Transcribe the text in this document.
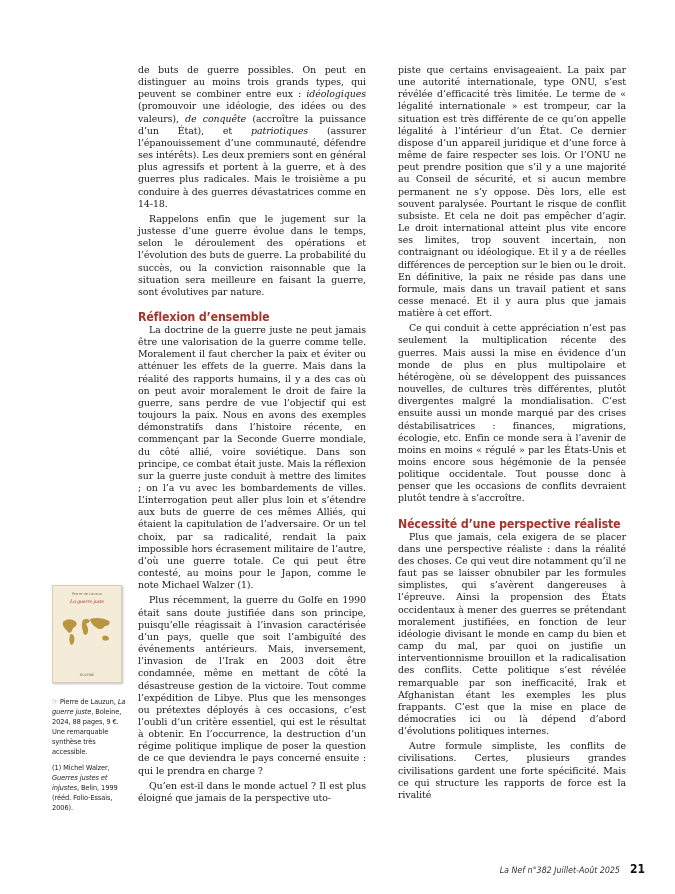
de buts de guerre possibles. On peut en distinguer au moins trois grands types, qui peuvent se combiner entre eux : idéologiques (promouvoir une idéologie, des idées ou des valeurs), de conquête (accroître la puissance d’un État), et patriotiques (assurer l’épanouissement d’une communauté, défendre ses intérêts). Les deux premiers sont en général plus agressifs et portent à la guerre, et à des guerres plus radicales. Mais le troisième a pu conduire à des guerres dévastatrices comme en 14-18.

Rappelons enfin que le jugement sur la justesse d’une guerre évolue dans le temps, selon le déroulement des opérations et l’évolution des buts de guerre. La probabilité du succès, ou la conviction raisonnable que la situation sera meilleure en faisant la guerre, sont évolutives par nature.

Réflexion d’ensemble

La doctrine de la guerre juste ne peut jamais être une valorisation de la guerre comme telle. Moralement il faut chercher la paix et éviter ou atténuer les effets de la guerre. Mais dans la réalité des rapports humains, il y a des cas où on peut avoir moralement le droit de faire la guerre, sans perdre de vue l’objectif qui est toujours la paix. Nous en avons des exemples démonstratifs dans l’histoire récente, en commençant par la Seconde Guerre mondiale, du côté allié, voire soviétique. Dans son principe, ce combat était juste. Mais la réflexion sur la guerre juste conduit à mettre des limites ; on l’a vu avec les bombardements de villes. L’interrogation peut aller plus loin et s’étendre aux buts de guerre de ces mêmes Alliés, qui étaient la capitulation de l’adversaire. Or un tel choix, par sa radicalité, rendait la paix impossible hors écrasement militaire de l’autre, d’où une guerre totale. Ce qui peut être contesté, au moins pour le Japon, comme le note Michael Walzer (1).

Plus récemment, la guerre du Golfe en 1990 était sans doute justifiée dans son principe, puisqu’elle réagissait à l’invasion caractérisée d’un pays, quelle que soit l’ambiguïté des événements antérieurs. Mais, inversement, l’invasion de l’Irak en 2003 doit être condamnée, même en mettant de côté la désastreuse gestion de la victoire. Tout comme l’expédition de Libye. Plus que les mensonges ou prétextes déployés à ces occasions, c’est l’oubli d’un critère essentiel, qui est le résultat à obtenir. En l’occurrence, la destruction d’un régime politique implique de poser la question de ce que deviendra le pays concerné ensuite : qui le prendra en charge ?

Qu’en est-il dans le monde actuel ? Il est plus éloigné que jamais de la perspective uto-

piste que certains envisageaient. La paix par une autorité internationale, type ONU, s’est révélée d’efficacité très limitée. Le terme de « légalité internationale » est trompeur, car la situation est très différente de ce qu’on appelle légalité à l’intérieur d’un État. Ce dernier dispose d’un appareil juridique et d’une force à même de faire respecter ses lois. Or l’ONU ne peut prendre position que s’il y a une majorité au Conseil de sécurité, et si aucun membre permanent ne s’y oppose. Dès lors, elle est souvent paralysée. Pourtant le risque de conflit subsiste. Et cela ne doit pas empêcher d’agir. Le droit international atteint plus vite encore ses limites, trop souvent incertain, non contraignant ou idéologique. Et il y a de réelles différences de perception sur le bien ou le droit. En définitive, la paix ne réside pas dans une formule, mais dans un travail patient et sans cesse menacé. Et il y aura plus que jamais matière à cet effort.

Ce qui conduit à cette appréciation n’est pas seulement la multiplication récente des guerres. Mais aussi la mise en évidence d’un monde de plus en plus multipolaire et hétérogène, où se développent des puissances nouvelles, de cultures très différentes, plutôt divergentes malgré la mondialisation. C’est ensuite aussi un monde marqué par des crises déstabilisatrices : finances, migrations, écologie, etc. Enfin ce monde sera à l’avenir de moins en moins « régulé » par les États-Unis et moins encore sous hégémonie de la pensée politique occidentale. Tout pousse donc à penser que les occasions de conflits devraient plutôt tendre à s’accroître.

Nécessité d’une perspective réaliste

Plus que jamais, cela exigera de se placer dans une perspective réaliste : dans la réalité des choses. Ce qui veut dire notamment qu’il ne faut pas se laisser obnubiler par les formules simplistes, qui s’avèrent dangereuses à l’épreuve. Ainsi la propension des États occidentaux à mener des guerres se prétendant moralement justifiées, en fonction de leur idéologie divisant le monde en camp du bien et camp du mal, par quoi on justifie un interventionnisme brouillon et la radicalisation des conflits. Cette politique s’est révélée remarquable par son inefficacité, Irak et Afghanistan étant les exemples les plus frappants. C’est que la mise en place de démocraties ici ou là dépend d’abord d’évolutions politiques internes.

Autre formule simpliste, les conflits de civilisations. Certes, plusieurs grandes civilisations gardent une forte spécificité. Mais ce qui structure les rapports de force est la rivalité

Pierre de Lauzun
La guerre juste
BOLEINE

☞ Pierre de Lauzun, La guerre juste, Boleine, 2024, 88 pages, 9 €. Une remarquable synthèse très accessible.

(1) Michel Walzer, Guerres justes et injustes, Belin, 1999 (rééd. Folio-Essais, 2006).

La Nef n°382 Juillet-Août 2025 21
